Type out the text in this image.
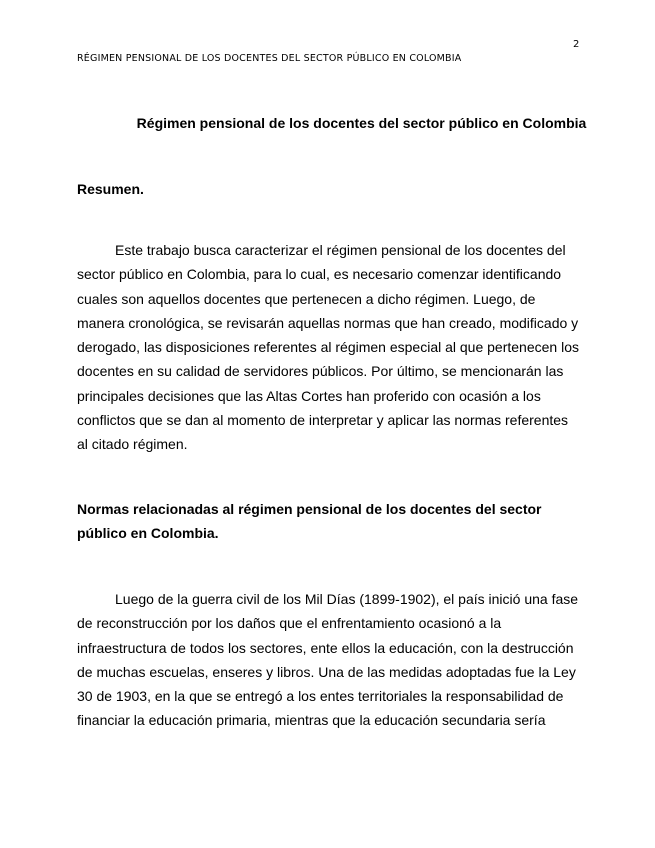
RÉGIMEN PENSIONAL DE LOS DOCENTES DEL SECTOR PÚBLICO EN COLOMBIA
2
Régimen pensional de los docentes del sector público en Colombia
Resumen.
Este trabajo busca caracterizar el régimen pensional de los docentes del
sector público en Colombia, para lo cual, es necesario comenzar identificando
cuales son aquellos docentes que pertenecen a dicho régimen. Luego, de
manera cronológica, se revisarán aquellas normas que han creado, modificado y
derogado, las disposiciones referentes al régimen especial al que pertenecen los
docentes en su calidad de servidores públicos. Por último, se mencionarán las
principales decisiones que las Altas Cortes han proferido con ocasión a los
conflictos que se dan al momento de interpretar y aplicar las normas referentes
al citado régimen.
Normas relacionadas al régimen pensional de los docentes del sector
público en Colombia.
Luego de la guerra civil de los Mil Días (1899-1902), el país inició una fase
de reconstrucción por los daños que el enfrentamiento ocasionó a la
infraestructura de todos los sectores, ente ellos la educación, con la destrucción
de muchas escuelas, enseres y libros. Una de las medidas adoptadas fue la Ley
30 de 1903, en la que se entregó a los entes territoriales la responsabilidad de
financiar la educación primaria, mientras que la educación secundaria sería
